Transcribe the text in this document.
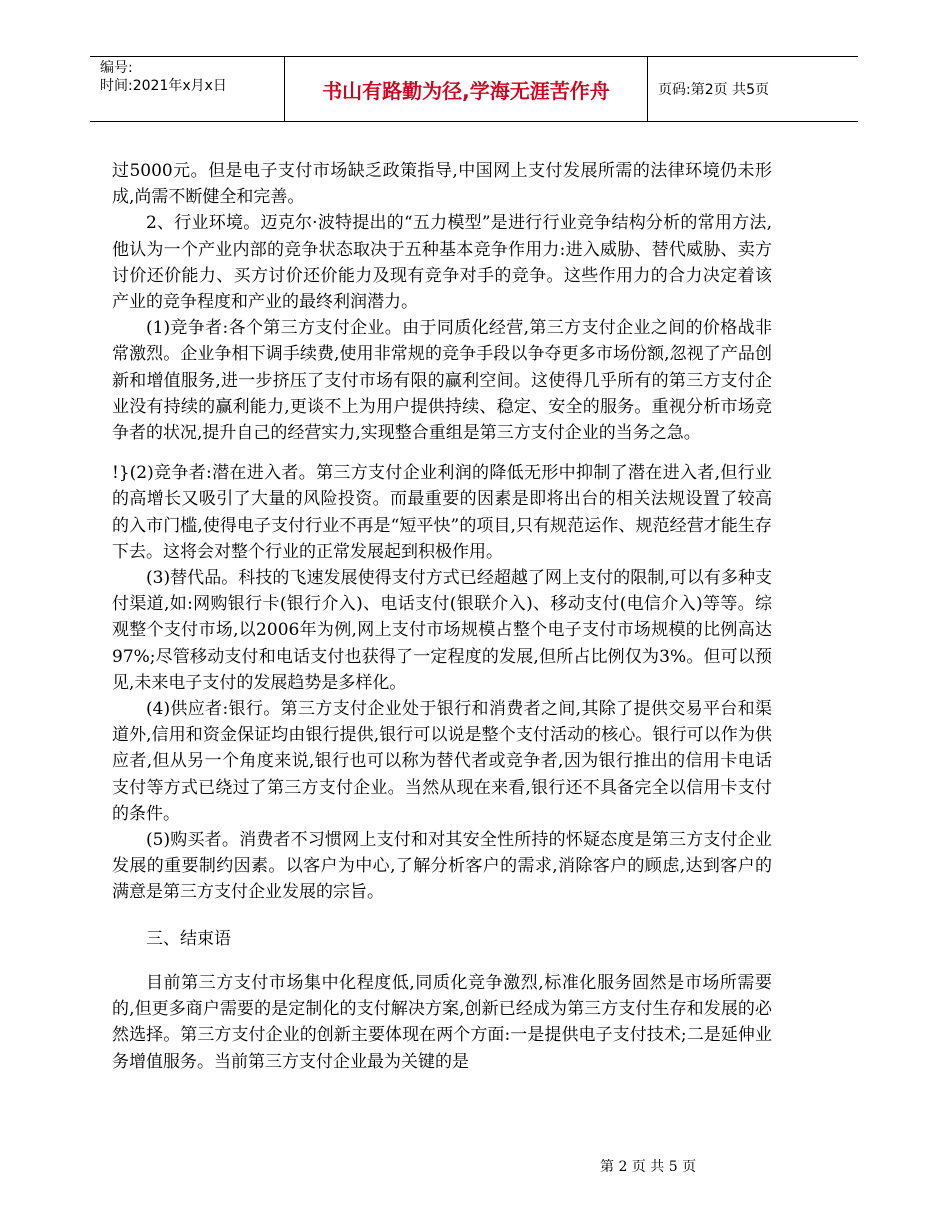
编号:
时间:2021年x月x日	书山有路勤为径,学海无涯苦作舟	页码:第2页 共5页

过5000元。但是电子支付市场缺乏政策指导,中国网上支付发展所需的法律环境仍未形成,尚需不断健全和完善。

2、行业环境。迈克尔·波特提出的“五力模型”是进行行业竞争结构分析的常用方法,他认为一个产业内部的竞争状态取决于五种基本竞争作用力:进入威胁、替代威胁、卖方讨价还价能力、买方讨价还价能力及现有竞争对手的竞争。这些作用力的合力决定着该产业的竞争程度和产业的最终利润潜力。

(1)竞争者:各个第三方支付企业。由于同质化经营,第三方支付企业之间的价格战非常激烈。企业争相下调手续费,使用非常规的竞争手段以争夺更多市场份额,忽视了产品创新和增值服务,进一步挤压了支付市场有限的赢利空间。这使得几乎所有的第三方支付企业没有持续的赢利能力,更谈不上为用户提供持续、稳定、安全的服务。重视分析市场竞争者的状况,提升自己的经营实力,实现整合重组是第三方支付企业的当务之急。

!}(2)竞争者:潜在进入者。第三方支付企业利润的降低无形中抑制了潜在进入者,但行业的高增长又吸引了大量的风险投资。而最重要的因素是即将出台的相关法规设置了较高的入市门槛,使得电子支付行业不再是“短平快”的项目,只有规范运作、规范经营才能生存下去。这将会对整个行业的正常发展起到积极作用。

(3)替代品。科技的飞速发展使得支付方式已经超越了网上支付的限制,可以有多种支付渠道,如:网购银行卡(银行介入)、电话支付(银联介入)、移动支付(电信介入)等等。综观整个支付市场,以2006年为例,网上支付市场规模占整个电子支付市场规模的比例高达97%;尽管移动支付和电话支付也获得了一定程度的发展,但所占比例仅为3%。但可以预见,未来电子支付的发展趋势是多样化。

(4)供应者:银行。第三方支付企业处于银行和消费者之间,其除了提供交易平台和渠道外,信用和资金保证均由银行提供,银行可以说是整个支付活动的核心。银行可以作为供应者,但从另一个角度来说,银行也可以称为替代者或竞争者,因为银行推出的信用卡电话支付等方式已绕过了第三方支付企业。当然从现在来看,银行还不具备完全以信用卡支付的条件。

(5)购买者。消费者不习惯网上支付和对其安全性所持的怀疑态度是第三方支付企业发展的重要制约因素。以客户为中心,了解分析客户的需求,消除客户的顾虑,达到客户的满意是第三方支付企业发展的宗旨。

三、结束语

目前第三方支付市场集中化程度低,同质化竞争激烈,标准化服务固然是市场所需要的,但更多商户需要的是定制化的支付解决方案,创新已经成为第三方支付生存和发展的必然选择。第三方支付企业的创新主要体现在两个方面:一是提供电子支付技术;二是延伸业务增值服务。当前第三方支付企业最为关键的是

第 2 页 共 5 页
